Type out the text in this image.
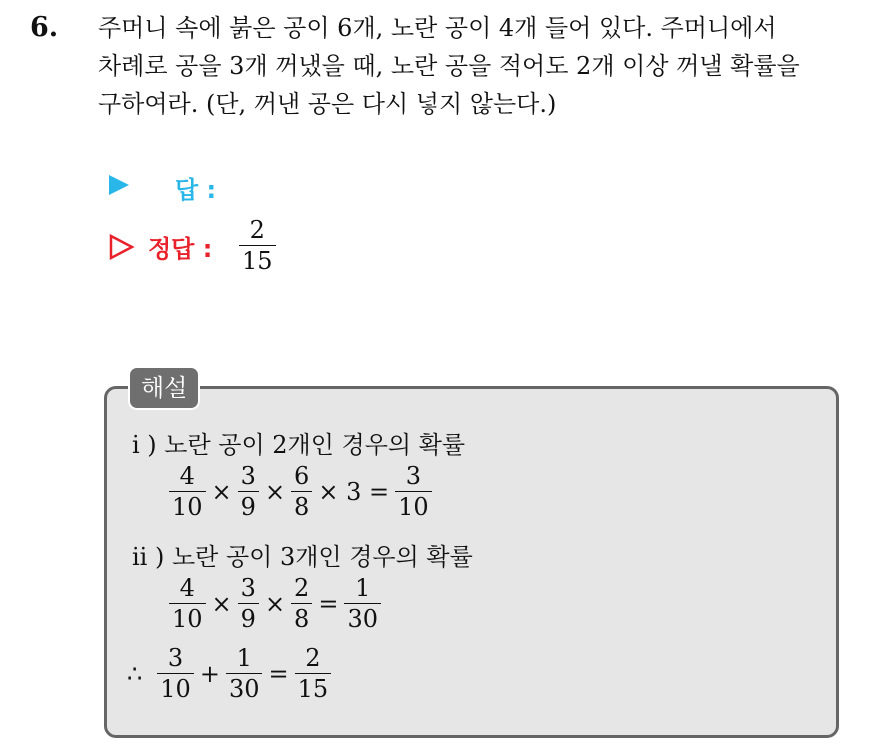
6. 주머니 속에 붉은 공이 6개, 노란 공이 4개 들어 있다. 주머니에서
차례로 공을 3개 꺼냈을 때, 노란 공을 적어도 2개 이상 꺼낼 확률을
구하여라. (단, 꺼낸 공은 다시 넣지 않는다.)
답 :
정답 : $\frac{2}{15}$
해설
i ) 노란 공이 2개인 경우의 확률
$\frac{4}{10} \times \frac{3}{9} \times \frac{6}{8} \times 3 = \frac{3}{10}$
ii ) 노란 공이 3개인 경우의 확률
$\frac{4}{10} \times \frac{3}{9} \times \frac{2}{8} = \frac{1}{30}$
∴ $\frac{3}{10} + \frac{1}{30} = \frac{2}{15}$
